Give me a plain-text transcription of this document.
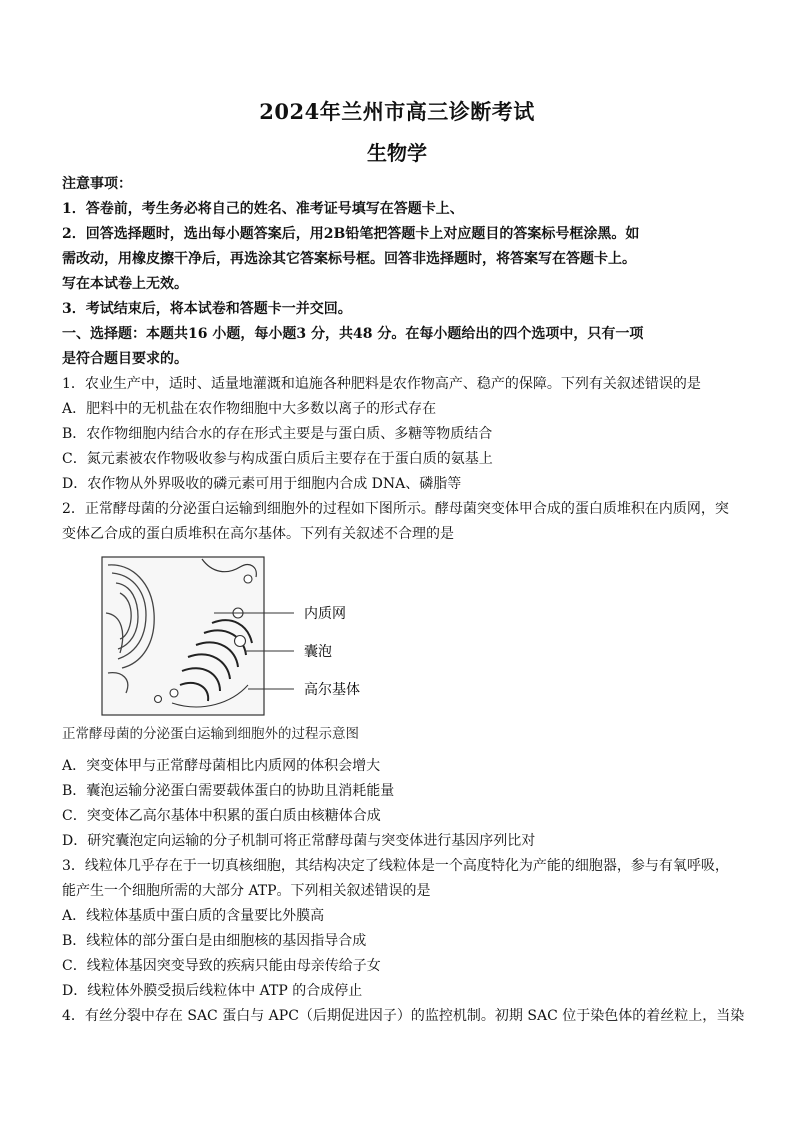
2024年兰州市高三诊断考试
生物学
注意事项：
1．答卷前，考生务必将自己的姓名、准考证号填写在答题卡上、
2．回答选择题时，选出每小题答案后，用2B铅笔把答题卡上对应题目的答案标号框涂黑。如
需改动，用橡皮擦干净后，再选涂其它答案标号框。回答非选择题时，将答案写在答题卡上。
写在本试卷上无效。
3．考试结束后，将本试卷和答题卡一并交回。
一、选择题：本题共16 小题，每小题3 分，共48 分。在每小题给出的四个选项中，只有一项
是符合题目要求的。
1．农业生产中，适时、适量地灌溉和追施各种肥料是农作物高产、稳产的保障。下列有关叙述错误的是
A．肥料中的无机盐在农作物细胞中大多数以离子的形式存在
B．农作物细胞内结合水的存在形式主要是与蛋白质、多糖等物质结合
C．氮元素被农作物吸收参与构成蛋白质后主要存在于蛋白质的氨基上
D．农作物从外界吸收的磷元素可用于细胞内合成 DNA、磷脂等
2．正常酵母菌的分泌蛋白运输到细胞外的过程如下图所示。酵母菌突变体甲合成的蛋白质堆积在内质网，突
变体乙合成的蛋白质堆积在高尔基体。下列有关叙述不合理的是
内质网
囊泡
高尔基体
正常酵母菌的分泌蛋白运输到细胞外的过程示意图
A．突变体甲与正常酵母菌相比内质网的体积会增大
B．囊泡运输分泌蛋白需要载体蛋白的协助且消耗能量
C．突变体乙高尔基体中积累的蛋白质由核糖体合成
D．研究囊泡定向运输的分子机制可将正常酵母菌与突变体进行基因序列比对
3．线粒体几乎存在于一切真核细胞，其结构决定了线粒体是一个高度特化为产能的细胞器，参与有氧呼吸，
能产生一个细胞所需的大部分 ATP。下列相关叙述错误的是
A．线粒体基质中蛋白质的含量要比外膜高
B．线粒体的部分蛋白是由细胞核的基因指导合成
C．线粒体基因突变导致的疾病只能由母亲传给子女
D．线粒体外膜受损后线粒体中 ATP 的合成停止
4．有丝分裂中存在 SAC 蛋白与 APC（后期促进因子）的监控机制。初期 SAC 位于染色体的着丝粒上，当染
